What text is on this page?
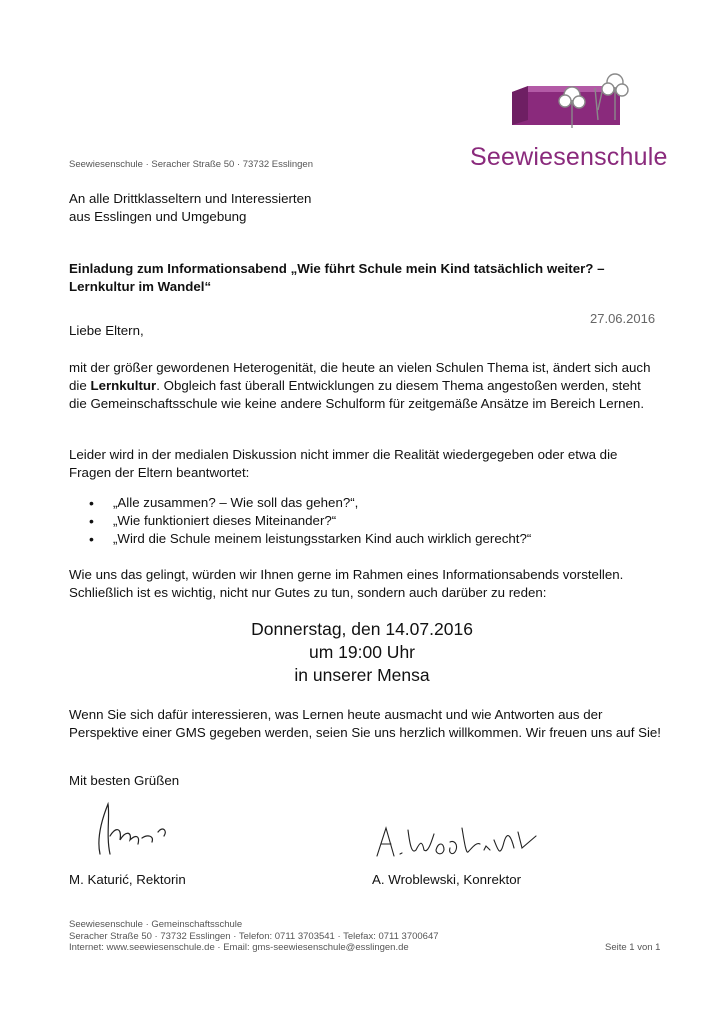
Seewiesenschule
Seewiesenschule · Seracher Straße 50 · 73732 Esslingen
An alle Drittklasseltern und Interessierten
aus Esslingen und Umgebung
Einladung zum Informationsabend „Wie führt Schule mein Kind tatsächlich weiter? – Lernkultur im Wandel“
27.06.2016
Liebe Eltern,
mit der größer gewordenen Heterogenität, die heute an vielen Schulen Thema ist, ändert sich auch die Lernkultur. Obgleich fast überall Entwicklungen zu diesem Thema angestoßen werden, steht die Gemeinschaftsschule wie keine andere Schulform für zeitgemäße Ansätze im Bereich Lernen.
Leider wird in der medialen Diskussion nicht immer die Realität wiedergegeben oder etwa die Fragen der Eltern beantwortet:
• „Alle zusammen? – Wie soll das gehen?“,
• „Wie funktioniert dieses Miteinander?“
• „Wird die Schule meinem leistungsstarken Kind auch wirklich gerecht?“
Wie uns das gelingt, würden wir Ihnen gerne im Rahmen eines Informationsabends vorstellen. Schließlich ist es wichtig, nicht nur Gutes zu tun, sondern auch darüber zu reden:
Donnerstag, den 14.07.2016
um 19:00 Uhr
in unserer Mensa
Wenn Sie sich dafür interessieren, was Lernen heute ausmacht und wie Antworten aus der Perspektive einer GMS gegeben werden, seien Sie uns herzlich willkommen. Wir freuen uns auf Sie!
Mit besten Grüßen
M. Katurić, Rektorin	A. Wroblewski, Konrektor
Seewiesenschule · Gemeinschaftsschule
Seracher Straße 50 · 73732 Esslingen · Telefon: 0711 3703541 · Telefax: 0711 3700647
Internet: www.seewiesenschule.de · Email: gms-seewiesenschule@esslingen.de	Seite 1 von 1
